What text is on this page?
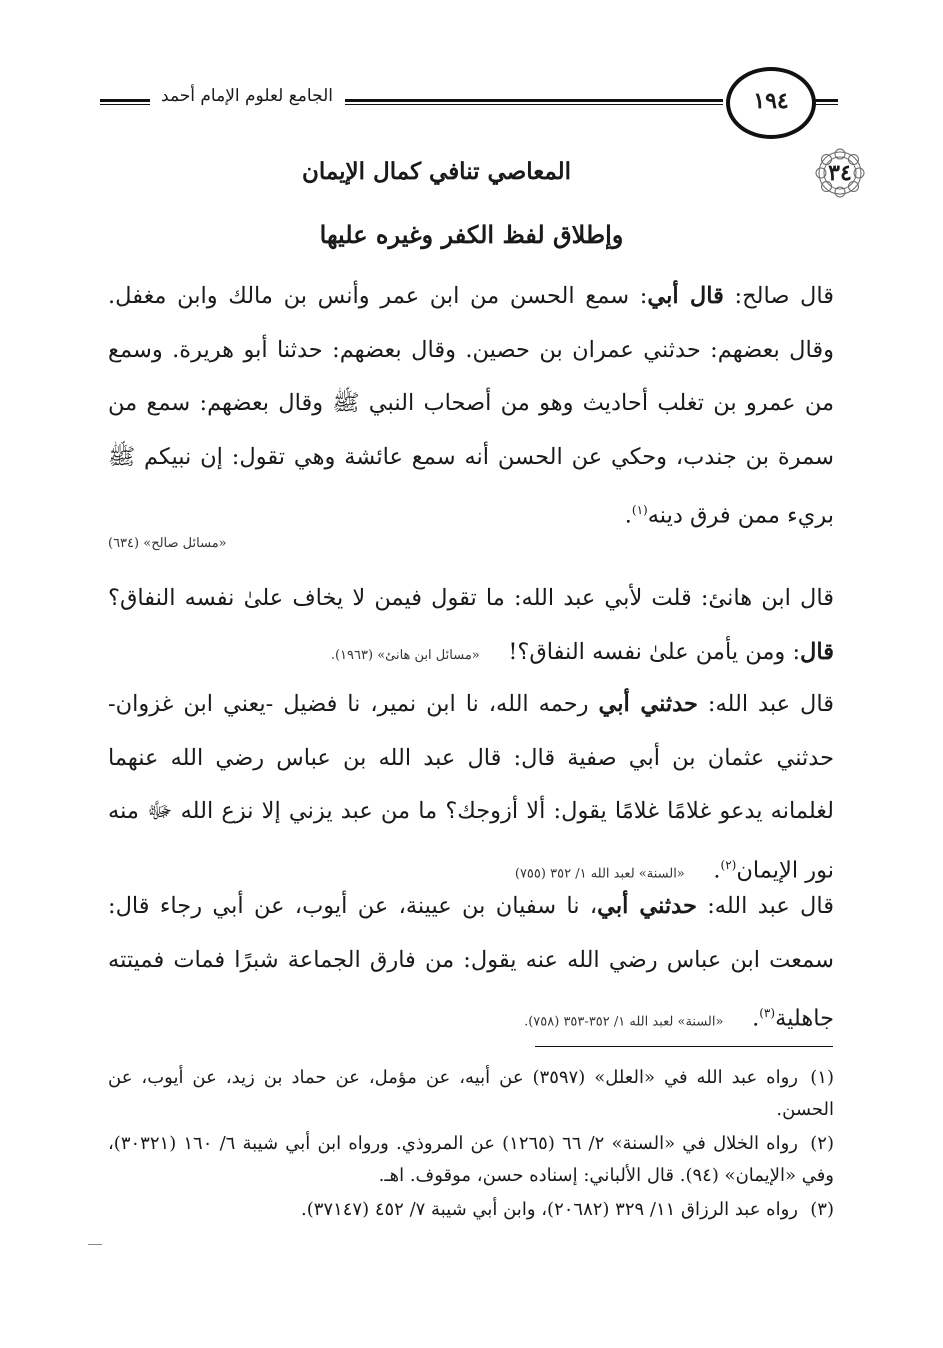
الجامع لعلوم الإمام أحمد	١٩٤
٣٤
المعاصي تنافي كمال الإيمان
وإطلاق لفظ الكفر وغيره عليها

قال صالح: قال أبي: سمع الحسن من ابن عمر وأنس بن مالك وابن مغفل. وقال بعضهم: حدثني عمران بن حصين. وقال بعضهم: حدثنا أبو هريرة. وسمع من عمرو بن تغلب أحاديث وهو من أصحاب النبي ﷺ وقال بعضهم: سمع من سمرة بن جندب، وحكي عن الحسن أنه سمع عائشة وهي تقول: إن نبيكم ﷺ بريء ممن فرق دينه$^{(١)}$.

«مسائل صالح» (٦٣٤)

قال ابن هانئ: قلت لأبي عبد الله: ما تقول فيمن لا يخاف علىٰ نفسه النفاق؟ قال: ومن يأمن علىٰ نفسه النفاق؟!    «مسائل ابن هانئ» (١٩٦٣).

قال عبد الله: حدثني أبي رحمه الله، نا ابن نمير، نا فضيل -يعني ابن غزوان- حدثني عثمان بن أبي صفية قال: قال عبد الله بن عباس رضي الله عنهما لغلمانه يدعو غلامًا غلامًا يقول: ألا أزوجك؟ ما من عبد يزني إلا نزع الله ﷻ منه نور الإيمان$^{(٢)}$.    «السنة» لعبد الله ١/ ٣٥٢ (٧٥٥)

قال عبد الله: حدثني أبي، نا سفيان بن عيينة، عن أيوب، عن أبي رجاء قال: سمعت ابن عباس رضي الله عنه يقول: من فارق الجماعة شبرًا فمات فميتته جاهلية$^{(٣)}$.    «السنة» لعبد الله ١/ ٣٥٢-٣٥٣ (٧٥٨).

(١)رواه عبد الله في «العلل» (٣٥٩٧) عن أبيه، عن مؤمل، عن حماد بن زيد، عن أيوب، عن الحسن.

(٢)رواه الخلال في «السنة» ٢/ ٦٦ (١٢٦٥) عن المروذي. ورواه ابن أبي شيبة ٦/ ١٦٠ (٣٠٣٢١)، وفي «الإيمان» (٩٤). قال الألباني: إسناده حسن، موقوف. اهـ.

(٣)رواه عبد الرزاق ١١/ ٣٢٩ (٢٠٦٨٢)، وابن أبي شيبة ٧/ ٤٥٢ (٣٧١٤٧).
